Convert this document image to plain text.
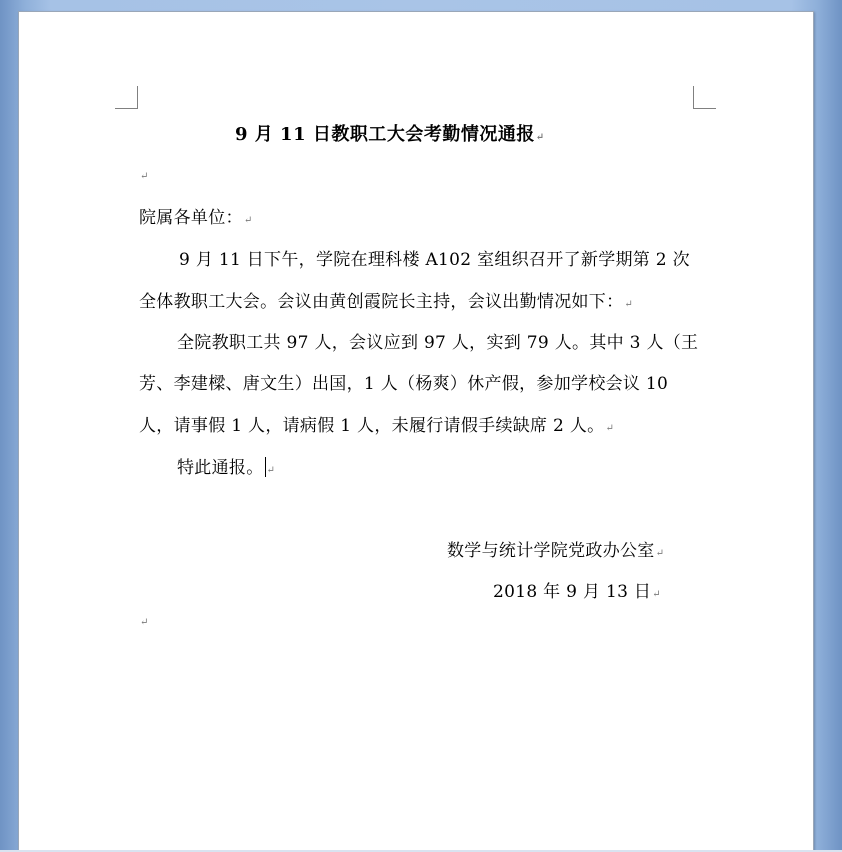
9 月 11 日教职工大会考勤情况通报↵
↵
院属各单位：↵
9 月 11 日下午，学院在理科楼 A102 室组织召开了新学期第 2 次
全体教职工大会。会议由黄创霞院长主持，会议出勤情况如下：↵
全院教职工共 97 人，会议应到 97 人，实到 79 人。其中 3 人（王
芳、李建樑、唐文生）出国，1 人（杨爽）休产假，参加学校会议 10
人，请事假 1 人，请病假 1 人，未履行请假手续缺席 2 人。↵
特此通报。 ↵
数学与统计学院党政办公室↵
2018 年 9 月 13 日↵
↵
